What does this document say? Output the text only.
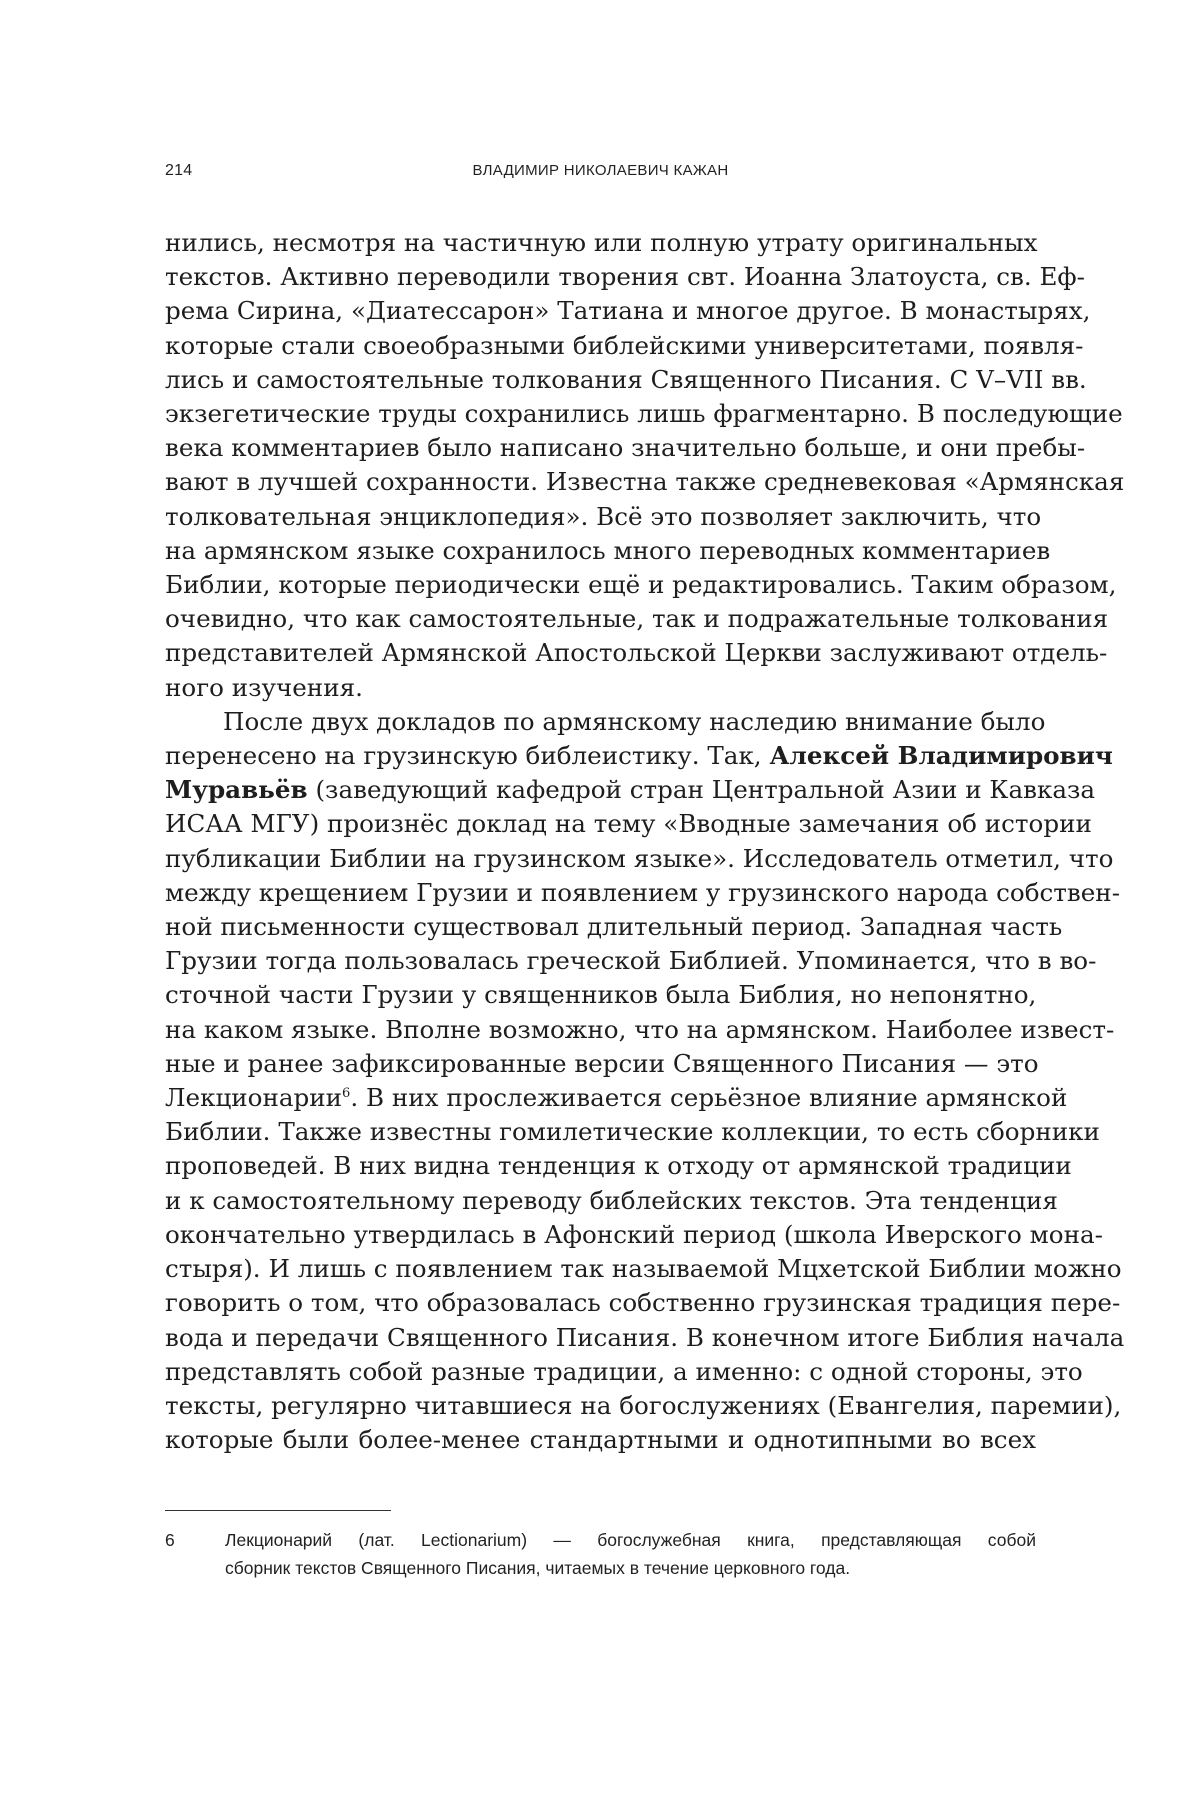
214	ВЛАДИМИР НИКОЛАЕВИЧ КАЖАН
нились, несмотря на частичную или полную утрату оригинальных
текстов. Активно переводили творения свт. Иоанна Златоуста, св. Еф-
рема Сирина, «Диатессарон» Татиана и многое другое. В монастырях,
которые стали своеобразными библейскими университетами, появля-
лись и самостоятельные толкования Священного Писания. С V–VII вв.
экзегетические труды сохранились лишь фрагментарно. В последующие
века комментариев было написано значительно больше, и они пребы-
вают в лучшей сохранности. Известна также средневековая «Армянская
толковательная энциклопедия». Всё это позволяет заключить, что
на армянском языке сохранилось много переводных комментариев
Библии, которые периодически ещё и редактировались. Таким образом,
очевидно, что как самостоятельные, так и подражательные толкования
представителей Армянской Апостольской Церкви заслуживают отдель-
ного изучения.
После двух докладов по армянскому наследию внимание было
перенесено на грузинскую библеистику. Так, Алексей Владимирович
Муравьёв (заведующий кафедрой стран Центральной Азии и Кавказа
ИСАА МГУ) произнёс доклад на тему «Вводные замечания об истории
публикации Библии на грузинском языке». Исследователь отметил, что
между крещением Грузии и появлением у грузинского народа собствен-
ной письменности существовал длительный период. Западная часть
Грузии тогда пользовалась греческой Библией. Упоминается, что в во-
сточной части Грузии у священников была Библия, но непонятно,
на каком языке. Вполне возможно, что на армянском. Наиболее извест-
ные и ранее зафиксированные версии Священного Писания — это
Лекционарии$^6$. В них прослеживается серьёзное влияние армянской
Библии. Также известны гомилетические коллекции, то есть сборники
проповедей. В них видна тенденция к отходу от армянской традиции
и к самостоятельному переводу библейских текстов. Эта тенденция
окончательно утвердилась в Афонский период (школа Иверского мона-
стыря). И лишь с появлением так называемой Мцхетской Библии можно
говорить о том, что образовалась собственно грузинская традиция пере-
вода и передачи Священного Писания. В конечном итоге Библия начала
представлять собой разные традиции, а именно: с одной стороны, это
тексты, регулярно читавшиеся на богослужениях (Евангелия, паремии),
которые были более-менее стандартными и однотипными во всех
6	Лекционарий (лат. Lectionarium) — богослужебная книга, представляющая собой
сборник текстов Священного Писания, читаемых в течение церковного года.
